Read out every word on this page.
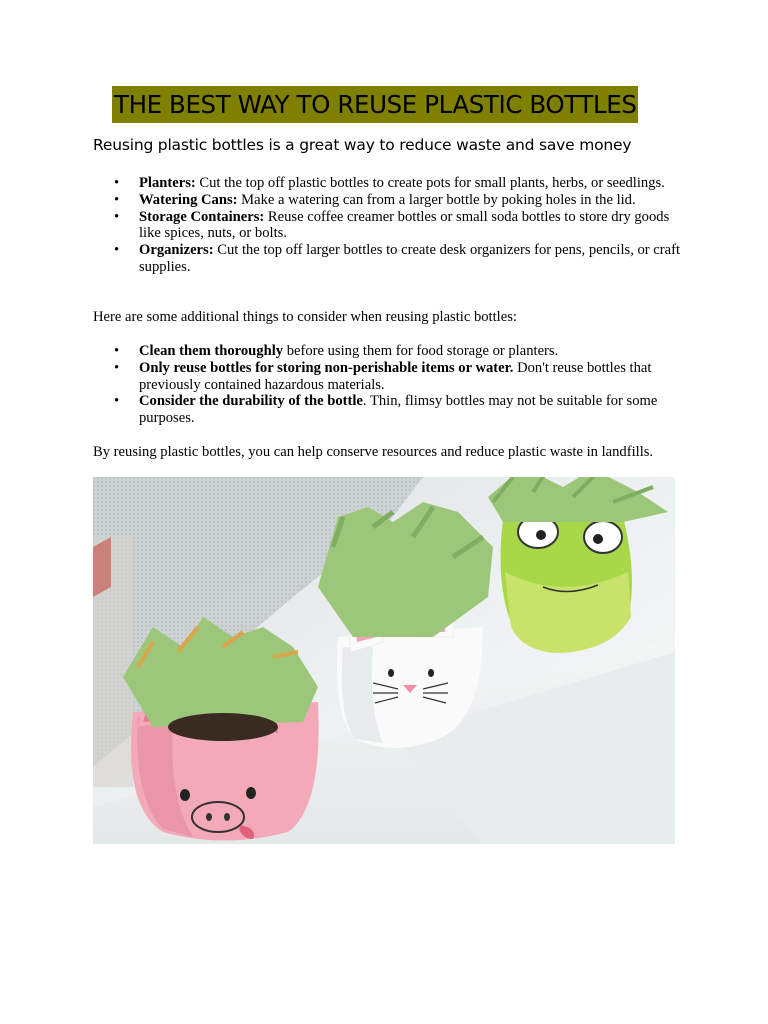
THE BEST WAY TO REUSE PLASTIC BOTTLES
Reusing plastic bottles is a great way to reduce waste and save money
• Planters: Cut the top off plastic bottles to create pots for small plants, herbs, or seedlings.
• Watering Cans: Make a watering can from a larger bottle by poking holes in the lid.
• Storage Containers: Reuse coffee creamer bottles or small soda bottles to store dry goods like spices, nuts, or bolts.
• Organizers: Cut the top off larger bottles to create desk organizers for pens, pencils, or craft supplies.

Here are some additional things to consider when reusing plastic bottles:

• Clean them thoroughly before using them for food storage or planters.
• Only reuse bottles for storing non-perishable items or water. Don't reuse bottles that previously contained hazardous materials.
• Consider the durability of the bottle. Thin, flimsy bottles may not be suitable for some purposes.

By reusing plastic bottles, you can help conserve resources and reduce plastic waste in landfills.
